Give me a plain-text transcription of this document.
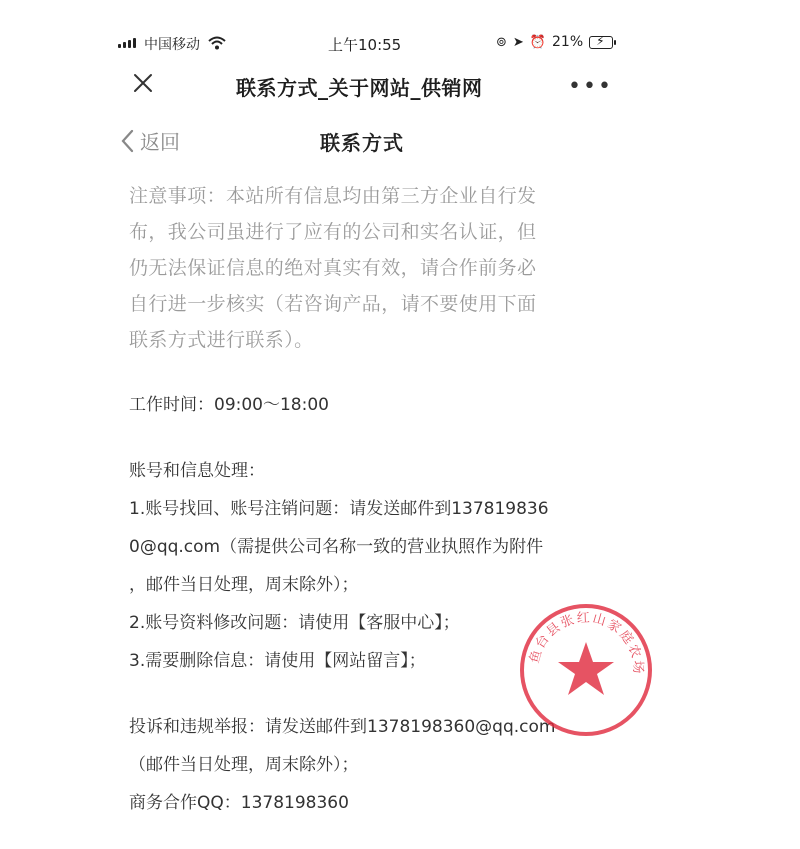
中国移动	上午10:55	⊚ ➤ ⏰ 21% ⚡
联系方式_关于网站_供销网	•••
返回	联系方式
注意事项：本站所有信息均由第三方企业自行发
布，我公司虽进行了应有的公司和实名认证，但
仍无法保证信息的绝对真实有效，请合作前务必
自行进一步核实（若咨询产品，请不要使用下面
联系方式进行联系）。
工作时间：09:00～18:00
账号和信息处理：
1.账号找回、账号注销问题：请发送邮件到137819836
0@qq.com（需提供公司名称一致的营业执照作为附件
，邮件当日处理，周末除外）；
2.账号资料修改问题：请使用【客服中心】；
3.需要删除信息：请使用【网站留言】；
投诉和违规举报：请发送邮件到1378198360@qq.com
（邮件当日处理，周末除外）；
商务合作QQ：1378198360
鱼台县张红山家庭农场
